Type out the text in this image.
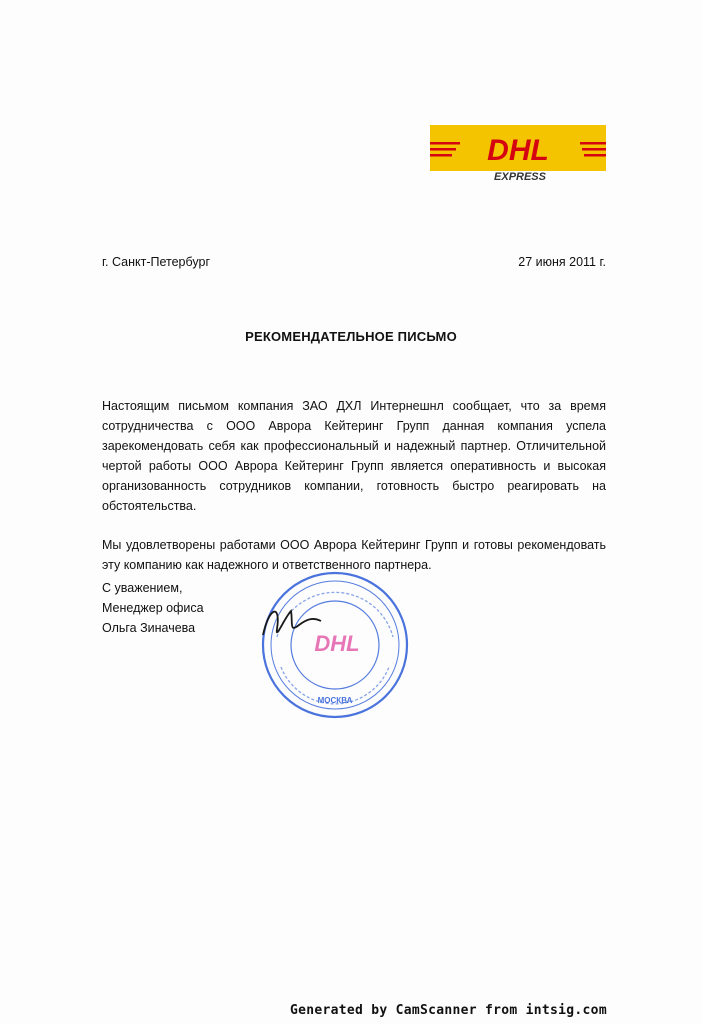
DHL
EXPRESS
г. Санкт-Петербург	27 июня 2011 г.
РЕКОМЕНДАТЕЛЬНОЕ ПИСЬМО

Настоящим письмом компания ЗАО ДХЛ Интернешнл сообщает, что за время сотрудничества с ООО Аврора Кейтеринг Групп данная компания успела зарекомендовать себя как профессиональный и надежный партнер. Отличительной чертой работы ООО Аврора Кейтеринг Групп является оперативность и высокая организованность сотрудников компании, готовность быстро реагировать на обстоятельства.

Мы удовлетворены работами ООО Аврора Кейтеринг Групп и готовы рекомендовать эту компанию как надежного и ответственного партнера.

С уважением,
Менеджер офиса
Ольга Зиначева
МОСКВА
DHL
Generated by CamScanner from intsig.com
